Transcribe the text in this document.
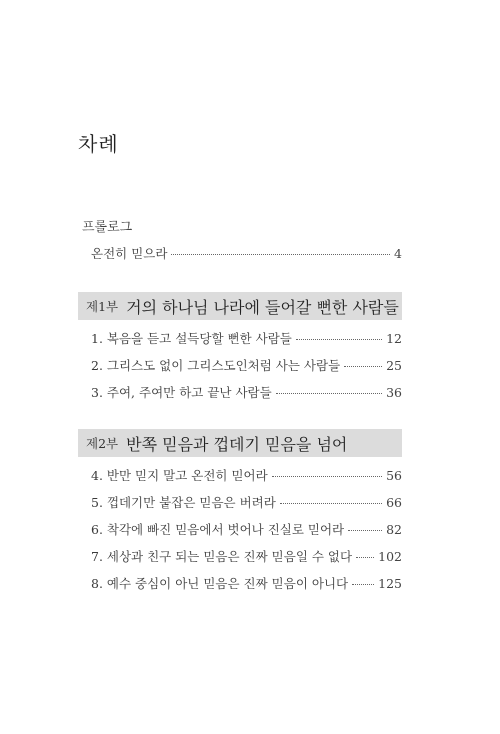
차례
프롤로그
온전히 믿으라	4
제1부 거의 하나님 나라에 들어갈 뻔한 사람들
1. 복음을 듣고 설득당할 뻔한 사람들	12
2. 그리스도 없이 그리스도인처럼 사는 사람들	25
3. 주여, 주여만 하고 끝난 사람들	36
제2부 반쪽 믿음과 껍데기 믿음을 넘어
4. 반만 믿지 말고 온전히 믿어라	56
5. 껍데기만 붙잡은 믿음은 버려라	66
6. 착각에 빠진 믿음에서 벗어나 진실로 믿어라	82
7. 세상과 친구 되는 믿음은 진짜 믿음일 수 없다 102
8. 예수 중심이 아닌 믿음은 진짜 믿음이 아니다 125
